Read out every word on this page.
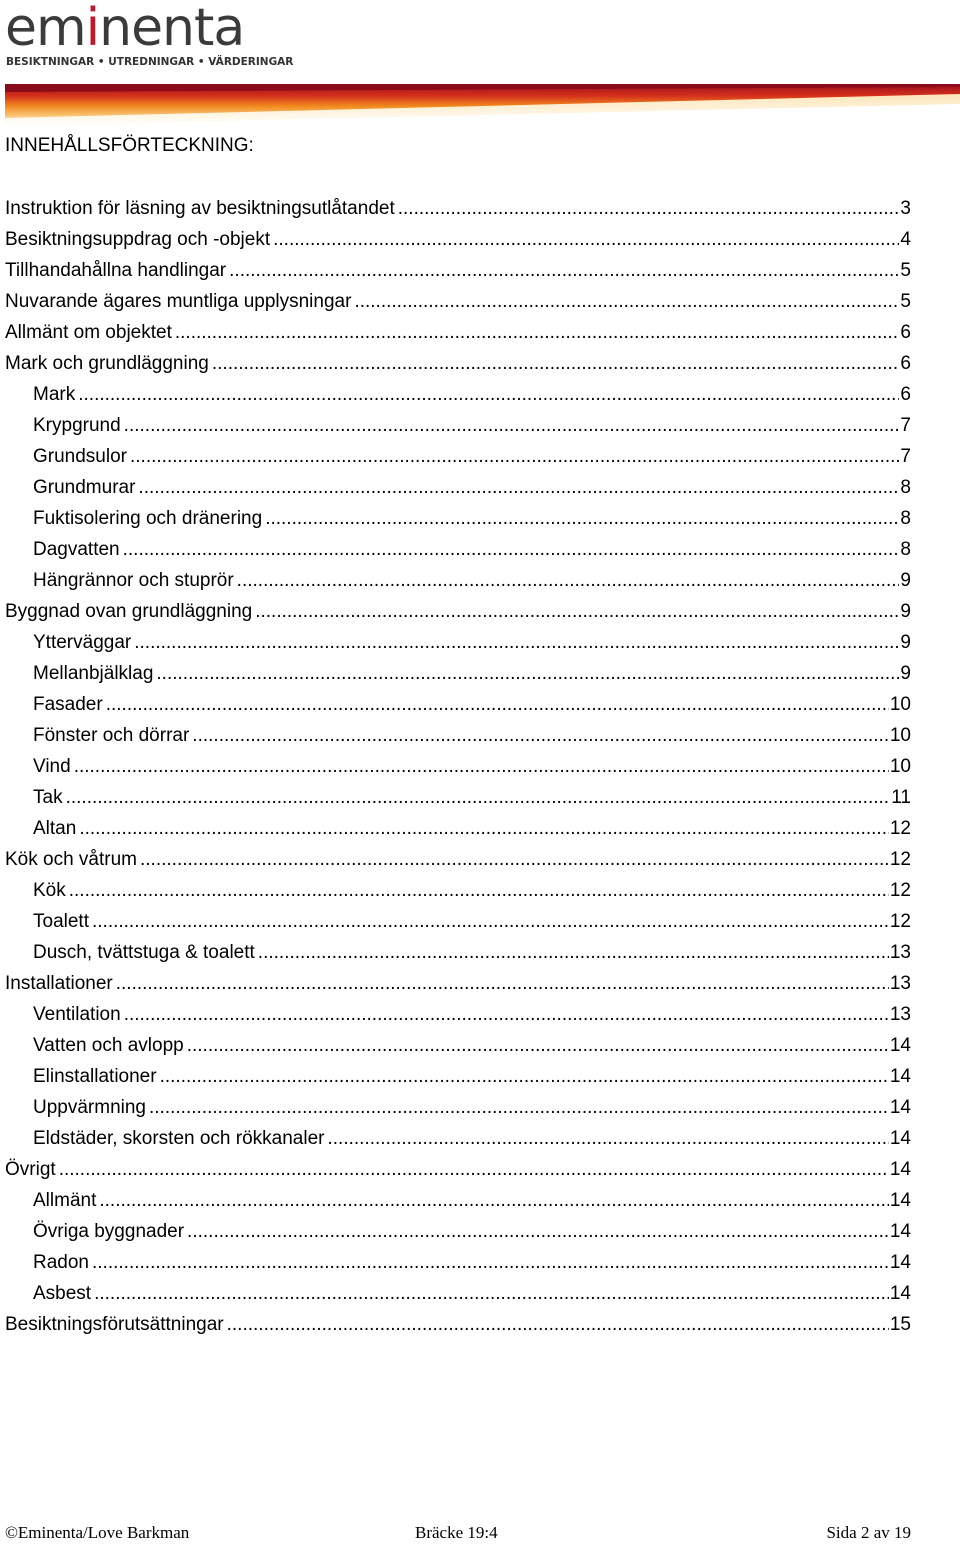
eminenta
BESIKTNINGAR • UTREDNINGAR • VÄRDERINGAR
INNEHÅLLSFÖRTECKNING:
Instruktion för läsning av besiktningsutlåtandet .....	3
Besiktningsuppdrag och -objekt .....	4
Tillhandahållna handlingar .....	5
Nuvarande ägares muntliga upplysningar .....	5
Allmänt om objektet .....	6
Mark och grundläggning .....	6
Mark .....	6
Krypgrund .....	7
Grundsulor .....	7
Grundmurar .....	8
Fuktisolering och dränering .....	8
Dagvatten .....	8
Hängrännor och stuprör .....	9
Byggnad ovan grundläggning .....	9
Ytterväggar .....	9
Mellanbjälklag .....	9
Fasader .....	10
Fönster och dörrar .....	10
Vind .....	10
Tak .....	11
Altan .....	12
Kök och våtrum .....	12
Kök .....	12
Toalett .....	12
Dusch, tvättstuga & toalett .....	13
Installationer .....	13
Ventilation .....	13
Vatten och avlopp .....	14
Elinstallationer .....	14
Uppvärmning .....	14
Eldstäder, skorsten och rökkanaler .....	14
Övrigt .....	14
Allmänt .....	14
Övriga byggnader .....	14
Radon .....	14
Asbest .....	14
Besiktningsförutsättningar .....	15
©Eminenta/Love Barkman	Bräcke 19:4	Sida 2 av 19
